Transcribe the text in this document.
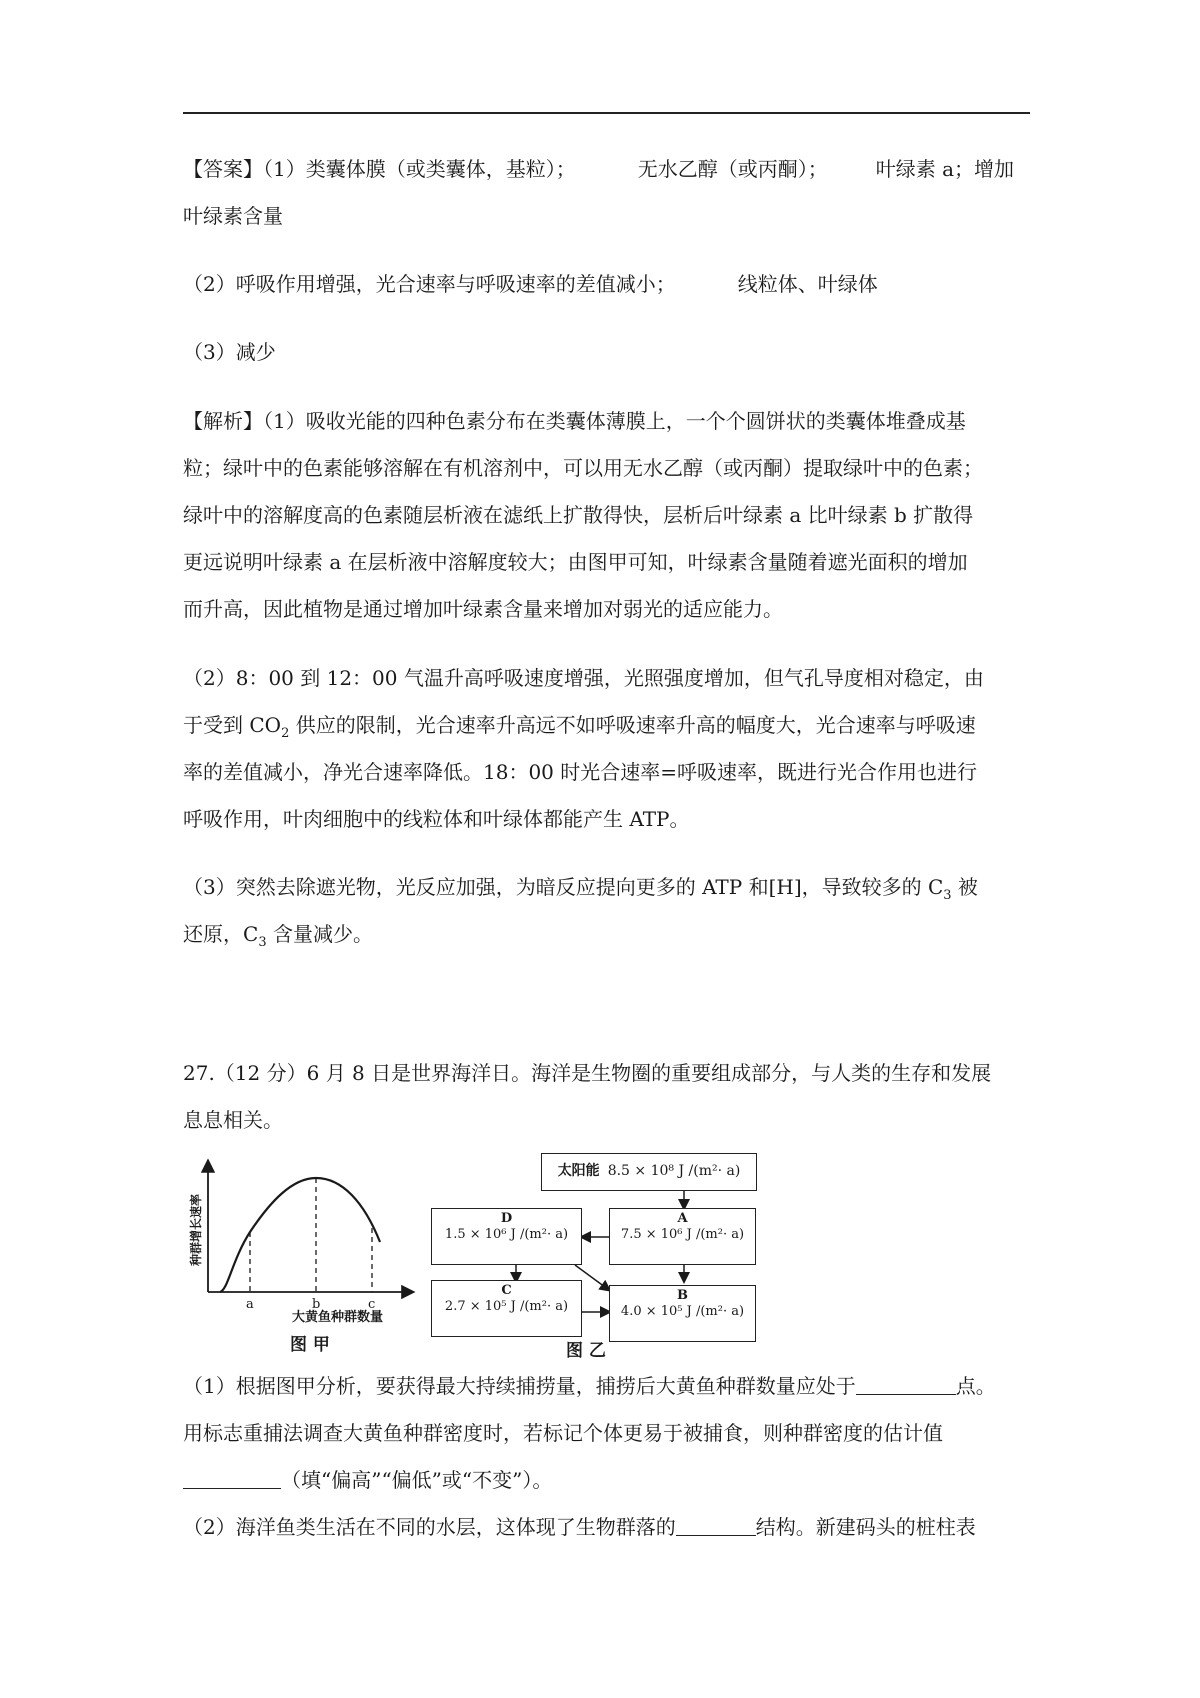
【答案】（1）类囊体膜（或类囊体，基粒）；	无水乙醇（或丙酮）； 叶绿素 a；增加

叶绿素含量

（2）呼吸作用增强，光合速率与呼吸速率的差值减小；	线粒体、叶绿体

（3）减少

【解析】（1）吸收光能的四种色素分布在类囊体薄膜上，一个个圆饼状的类囊体堆叠成基

粒；绿叶中的色素能够溶解在有机溶剂中，可以用无水乙醇（或丙酮）提取绿叶中的色素；

绿叶中的溶解度高的色素随层析液在滤纸上扩散得快，层析后叶绿素 a 比叶绿素 b 扩散得

更远说明叶绿素 a 在层析液中溶解度较大；由图甲可知，叶绿素含量随着遮光面积的增加

而升高，因此植物是通过增加叶绿素含量来增加对弱光的适应能力。

（2）8：00 到 12：00 气温升高呼吸速度增强，光照强度增加，但气孔导度相对稳定，由

于受到 $CO_2$ 供应的限制，光合速率升高远不如呼吸速率升高的幅度大，光合速率与呼吸速

率的差值减小，净光合速率降低。18：00 时光合速率=呼吸速率，既进行光合作用也进行

呼吸作用，叶肉细胞中的线粒体和叶绿体都能产生 ATP。

（3）突然去除遮光物，光反应加强，为暗反应提向更多的 ATP 和[H]，导致较多的 $C_3$ 被

还原，$C_3$ 含量减少。

27.（12 分）6 月 8 日是世界海洋日。海洋是生物圈的重要组成部分，与人类的生存和发展

息息相关。

a	b	c
种群增长速率
大黄鱼种群数量
图 甲
太阳能 8.5 × 10⁸ J /(m²· a)
A
7.5 × 10⁶ J /(m²· a)
D
1.5 × 10⁶ J /(m²· a)
C
2.7 × 10⁵ J /(m²· a)
B
4.0 × 10⁵ J /(m²· a)
图 乙

（1）根据图甲分析，要获得最大持续捕捞量，捕捞后大黄鱼种群数量应处于	点。

用标志重捕法调查大黄鱼种群密度时，若标记个体更易于被捕食，则种群密度的估计值

（填“偏高”“偏低”或“不变”）。

（2）海洋鱼类生活在不同的水层，这体现了生物群落的	结构。新建码头的桩柱表
